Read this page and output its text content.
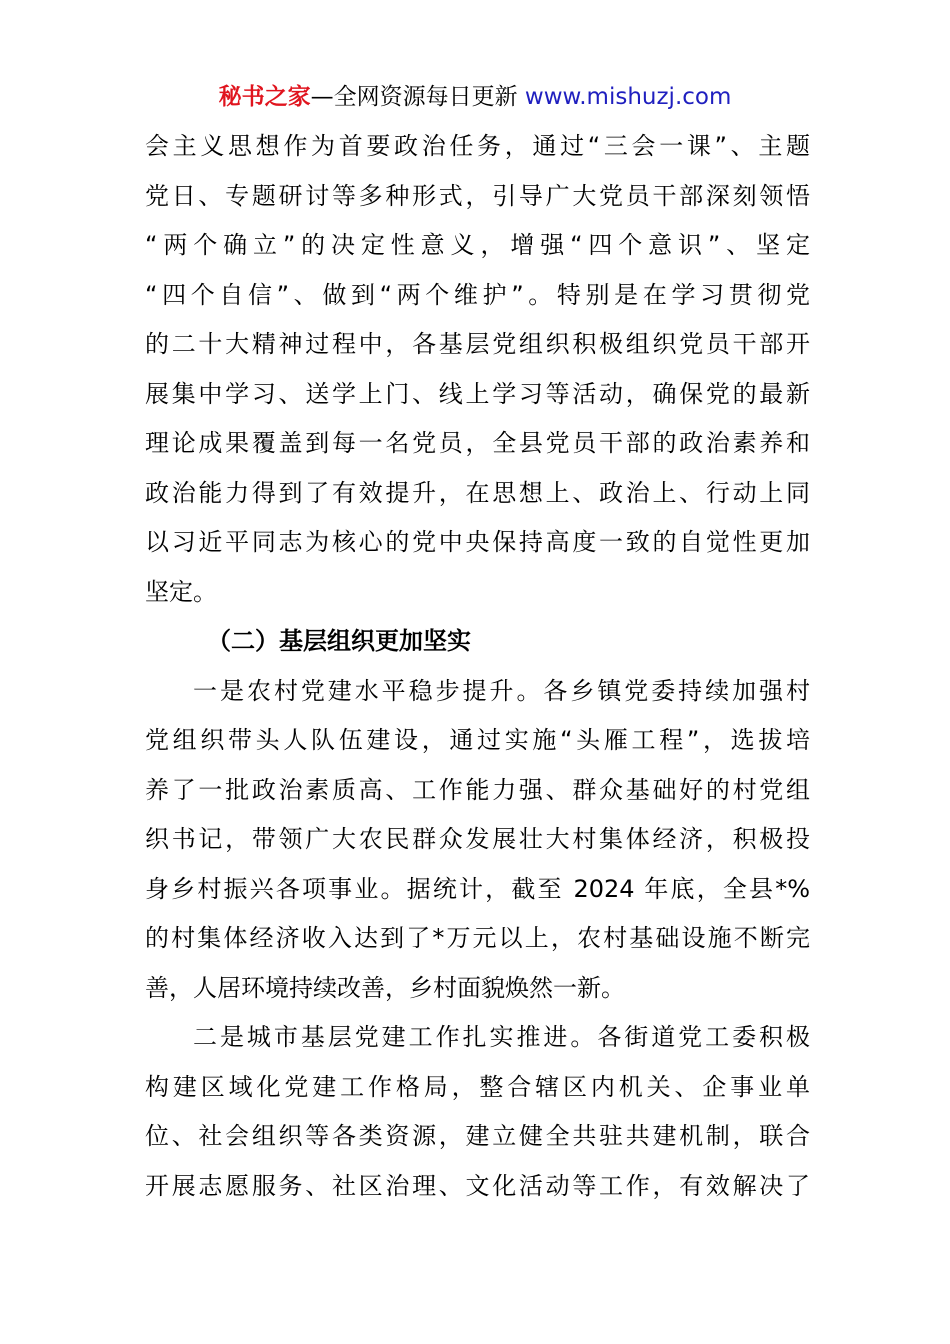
秘书之家—全网资源每日更新 www.mishuzj.com
会主义思想作为首要政治任务，通过“三会一课”、主题
党日、专题研讨等多种形式，引导广大党员干部深刻领悟
“两个确立”的决定性意义，增强“四个意识”、坚定
“四个自信”、做到“两个维护”。特别是在学习贯彻党
的二十大精神过程中，各基层党组织积极组织党员干部开
展集中学习、送学上门、线上学习等活动，确保党的最新
理论成果覆盖到每一名党员，全县党员干部的政治素养和
政治能力得到了有效提升，在思想上、政治上、行动上同
以习近平同志为核心的党中央保持高度一致的自觉性更加
坚定。
（二）基层组织更加坚实
一是农村党建水平稳步提升。各乡镇党委持续加强村
党组织带头人队伍建设，通过实施“头雁工程”，选拔培
养了一批政治素质高、工作能力强、群众基础好的村党组
织书记，带领广大农民群众发展壮大村集体经济，积极投
身乡村振兴各项事业。据统计，截至 2024 年底，全县*%
的村集体经济收入达到了*万元以上，农村基础设施不断完
善，人居环境持续改善，乡村面貌焕然一新。
二是城市基层党建工作扎实推进。各街道党工委积极
构建区域化党建工作格局，整合辖区内机关、企事业单
位、社会组织等各类资源，建立健全共驻共建机制，联合
开展志愿服务、社区治理、文化活动等工作，有效解决了
